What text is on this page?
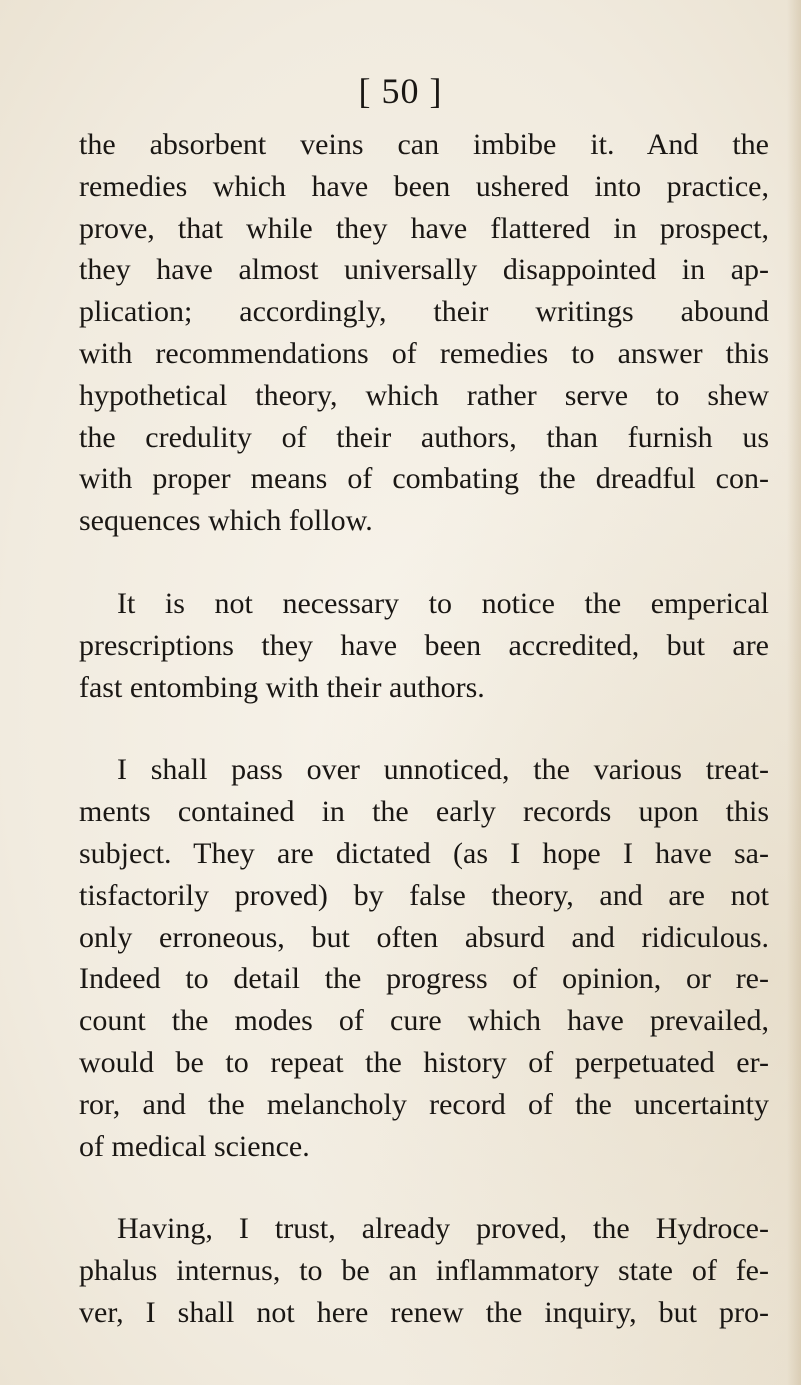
[ 50 ]

the absorbent veins can imbibe it. And the
remedies which have been ushered into practice,
prove, that while they have flattered in prospect,
they have almost universally disappointed in ap-
plication; accordingly, their writings abound
with recommendations of remedies to answer this
hypothetical theory, which rather serve to shew
the credulity of their authors, than furnish us
with proper means of combating the dreadful con-
sequences which follow.

It is not necessary to notice the emperical
prescriptions they have been accredited, but are
fast entombing with their authors.

I shall pass over unnoticed, the various treat-
ments contained in the early records upon this
subject. They are dictated (as I hope I have sa-
tisfactorily proved) by false theory, and are not
only erroneous, but often absurd and ridiculous.
Indeed to detail the progress of opinion, or re-
count the modes of cure which have prevailed,
would be to repeat the history of perpetuated er-
ror, and the melancholy record of the uncertainty
of medical science.

Having, I trust, already proved, the Hydroce-
phalus internus, to be an inflammatory state of fe-
ver, I shall not here renew the inquiry, but pro-
